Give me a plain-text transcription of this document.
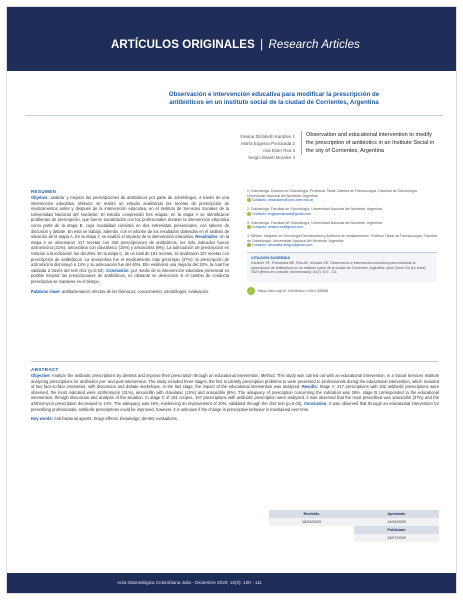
ARTÍCULOS ORIGINALES | Research Articles
Observación e intervención educativa para modificar la prescripción de
antibióticos en un instituto social de la ciudad de Corrientes, Argentina
Viviana Elizabeth Karaben 1
María Eugenia Pomarada 2
Ana Ester Rea 3
Sergio Daniel Morales 4
Observation and educational intervention to modify the prescription of antibiotics in an Institute Social in the city of Corrientes, Argentina
RESUMEN
Objetivo: analizar y mejorar las prescripciones de antibióticos por parte de odontólogos, a través de una intervención educativa. Método: se realizó un estudio analizando las recetas de prescripción de medicamentos antes y después de la intervención educativa, en el Instituto de Servicios Sociales de la Universidad Nacional del Nordeste. El estudio comprendió tres etapas: en la etapa A se identificaron problemas de prescripción, que fueron socializados con los profesionales durante la intervención educativa como parte de la etapa B, cuya modalidad consistió en dos entrevistas presenciales, con talleres de discusión y debate. En esta se trabajó, además, con el informe de los resultados obtenidos en el análisis de situación de la etapa A. En la etapa C se analizó el impacto de la intervención educativa. Resultados: en la etapa A se observaron 417 recetas con 332 prescripciones de antibióticos, los más indicados fueron azitromicina (31%), amoxicilina con clavulánico (15%) y amoxicilina (8%). La adecuación de prescripción en relación a la indicación fue del 26%. En la etapa C, de un total de 191 recetas, se analizaron 107 recetas con prescripción de antibióticos. La amoxicilina fue el medicamento más prescripto (37%); la prescripción de azitromicina disminuyó a 14% y su adecuación fue del 46%. Ello evidenció una mejoría del 20%, la cual fue validada a través del test chi2 (p=0,03). Conclusión: por medio de la intervención educativa presencial es posible mejorar las prescripciones de antibióticos, no obstante se desconoce si el cambio de conducta prescriptiva se mantiene en el tiempo.
Palabras clave: antibacterianos; efectos de los fármacos; conocimiento; odontólogos; evaluación.
1. Odontóloga. Doctora en Odontología. Profesora Titular Cátedra de Farmacología, Facultad de Odontología. Universidad Nacional del Nordeste, Argentina.
Contacto: vekaraben@odn.unne.edu.ar
2. Odontóloga. Facultad de Odontología, Universidad Nacional del Nordeste, Argentina.
Contacto: eugepomarada@gmail.com
3. Odontóloga. Facultad de Odontología, Universidad Nacional del Nordeste, Argentina.
Contacto: anaea.rea@gmail.com
4. Médico. Magíster en Tecnología Farmacéutica y Auditoría de medicamentos. Profesor Titular de Farmacología. Facultad de Odontología, Universidad Nacional del Nordeste, Argentina.
Contacto: dmorales.sergio@gmail.com
CITACIÓN SUGERIDA
Karaben VE, Pomarada ME, Rea AE, Morales SD. Observación e intervención educativa para modificar la prescripción de antibióticos en un instituto social de la ciudad de Corrientes, Argentina. Acta Odont Col [en línea] 2020 [fecha de consulta: dd/mm/aaaa]; 10(2): 100 - 111.
•	https://doi.org/10.15446/aoc.v10n2.85658
ABSTRACT
Objective: Analyze the antibiotic prescriptions by dentists and improve their prescription through an educational intervention. Method: This study was carried out with an educational intervention, in a Social Services Institute analyzing prescriptions for antibiotics pre- and post-intervention. The study included three stages, the first to identify prescription problems to were presented to professionals during the educational intervention, which included of two face-to-face interviews, with discussion and debate workshops. In the last stage, the impact of the educational intervention was analyzed. Results: Stage A: 417 prescriptions with 332 antibiotic prescriptions were observed, the most indicated were azithromycin (31%), amoxicillin with clavulanic (15%) and amoxicillin (8%). The adequacy of prescription concerning the indication was 26%. stage B corresponded to the educational intervention, through discussion and analysis of the situation. In stage C of 191 recipes, 107 prescriptions with antibiotic prescription were analyzed, it was observed that the most prescribed was amoxicillin (37%) and the azithromycin prescription decreased to 14%. The adequacy was 46%, evidencing an improvement of 20%, validated through the chi2 test (p=0.03). Conclusion: It was observed that through an educational intervention for prescribing professionals, antibiotic prescriptions could be improved, however, it is unknown if the change in prescriptive behavior is maintained over time.
Key words: Anti-bacterial agents; Drugs effects; knowledge; dentist; evaluations.
Recibido	Aprobado
18/03/2020	14/04/2020
Publicado
13/07/2020
Acta Odontológica Colombiana Julio - Diciembre 2020; 10(2): 100 - 111
